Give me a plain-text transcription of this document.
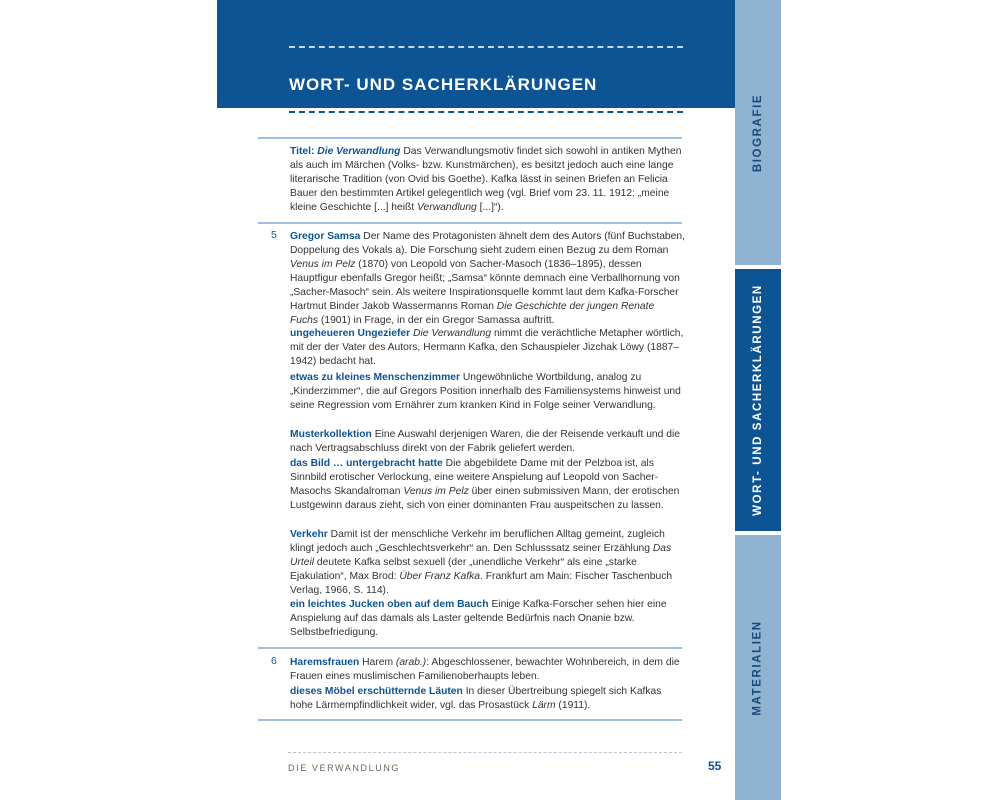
WORT- UND SACHERKLÄRUNGEN
BIOGRAFIE
WORT- UND SACHERKLÄRUNGEN
MATERIALIEN
Titel: Die Verwandlung Das Verwandlungsmotiv findet sich sowohl in antiken Mythen als auch im Märchen (Volks- bzw. Kunstmärchen), es besitzt jedoch auch eine lange literarische Tradition (von Ovid bis Goethe). Kafka lässt in seinen Briefen an Felicia Bauer den bestimmten Artikel gelegentlich weg (vgl. Brief vom 23. 11. 1912: „meine kleine Geschichte [...] heißt Verwandlung [...]“).
5 Gregor Samsa Der Name des Protagonisten ähnelt dem des Autors (fünf Buchstaben, Doppelung des Vokals a). Die Forschung sieht zudem einen Bezug zu dem Roman Venus im Pelz (1870) von Leopold von Sacher-Masoch (1836–1895), dessen Hauptfigur ebenfalls Gregor heißt; „Samsa“ könnte demnach eine Verballhornung von „Sacher-Masoch“ sein. Als weitere Inspirationsquelle kommt laut dem Kafka-Forscher Hartmut Binder Jakob Wassermanns Roman Die Geschichte der jungen Renate Fuchs (1901) in Frage, in der ein Gregor Samassa auftritt.
ungeheueren Ungeziefer Die Verwandlung nimmt die verächtliche Metapher wörtlich, mit der der Vater des Autors, Hermann Kafka, den Schauspieler Jizchak Löwy (1887–1942) bedacht hat.
etwas zu kleines Menschenzimmer Ungewöhnliche Wortbildung, analog zu „Kinderzimmer“, die auf Gregors Position innerhalb des Familiensystems hinweist und seine Regression vom Ernährer zum kranken Kind in Folge seiner Verwandlung.
Musterkollektion Eine Auswahl derjenigen Waren, die der Reisende verkauft und die nach Vertragsabschluss direkt von der Fabrik geliefert werden.
das Bild … untergebracht hatte Die abgebildete Dame mit der Pelzboa ist, als Sinnbild erotischer Verlockung, eine weitere Anspielung auf Leopold von Sacher-Masochs Skandalroman Venus im Pelz über einen submissiven Mann, der erotischen Lustgewinn daraus zieht, sich von einer dominanten Frau auspeitschen zu lassen.
Verkehr Damit ist der menschliche Verkehr im beruflichen Alltag gemeint, zugleich klingt jedoch auch „Geschlechtsverkehr“ an. Den Schlusssatz seiner Erzählung Das Urteil deutete Kafka selbst sexuell (der „unendliche Verkehr“ als eine „starke Ejakulation“, Max Brod: Über Franz Kafka. Frankfurt am Main: Fischer Taschenbuch Verlag, 1966, S. 114).
ein leichtes Jucken oben auf dem Bauch Einige Kafka-Forscher sehen hier eine Anspielung auf das damals als Laster geltende Bedürfnis nach Onanie bzw. Selbstbefriedigung.
6 Haremsfrauen Harem (arab.): Abgeschlossener, bewachter Wohnbereich, in dem die Frauen eines muslimischen Familienoberhaupts leben.
dieses Möbel erschütternde Läuten In dieser Übertreibung spiegelt sich Kafkas hohe Lärmempfindlichkeit wider, vgl. das Prosastück Lärm (1911).
DIE VERWANDLUNG	55
